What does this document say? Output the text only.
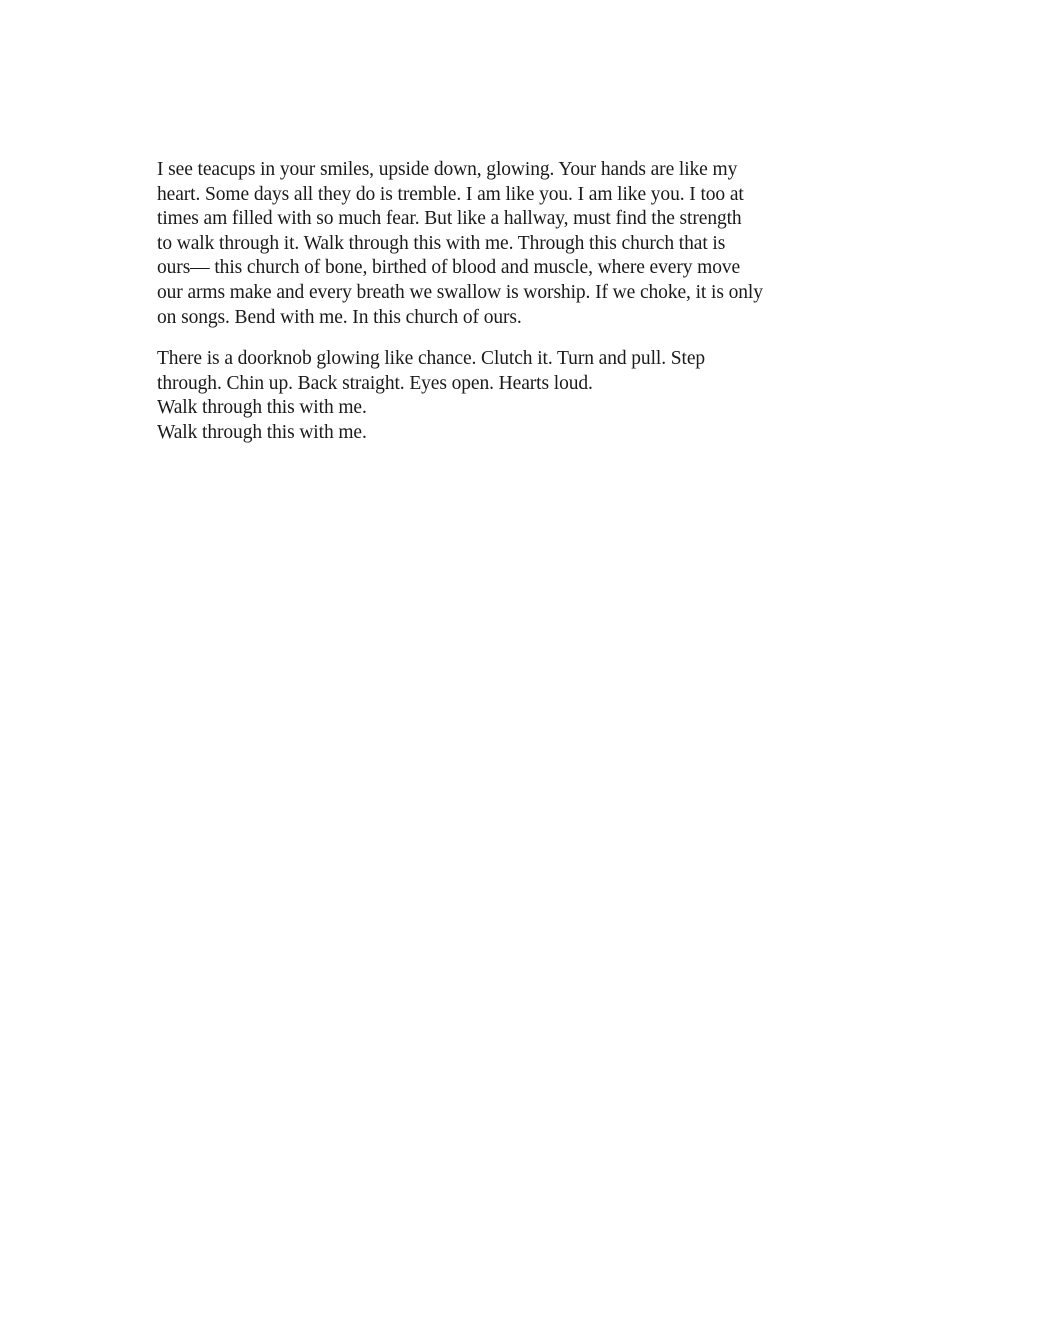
I see teacups in your smiles, upside down, glowing. Your hands are like my
heart. Some days all they do is tremble. I am like you. I am like you. I too at
times am filled with so much fear. But like a hallway, must find the strength
to walk through it. Walk through this with me. Through this church that is
ours— this church of bone, birthed of blood and muscle, where every move
our arms make and every breath we swallow is worship. If we choke, it is only
on songs. Bend with me. In this church of ours.

There is a doorknob glowing like chance. Clutch it. Turn and pull. Step
through. Chin up. Back straight. Eyes open. Hearts loud.
Walk through this with me.
Walk through this with me.
